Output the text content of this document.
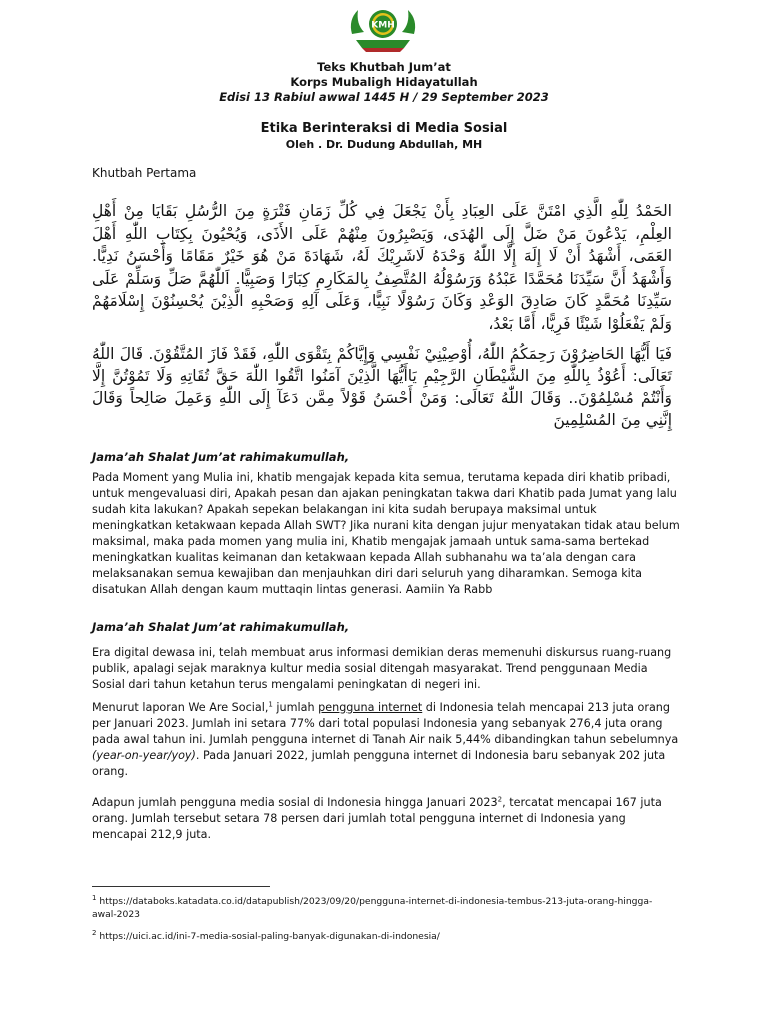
KMH
Teks Khutbah Jum’at
Korps Mubaligh Hidayatullah
Edisi 13 Rabiul awwal 1445 H / 29 September 2023
Etika Berinteraksi di Media Sosial
Oleh . Dr. Dudung Abdullah, MH
Khutbah Pertama
الحَمْدُ لِلّٰهِ الَّذِي امْتَنَّ عَلَى العِبَادِ بِأَنْ يَجْعَلَ فِي كُلِّ زَمَانِ فَتْرَةٍ مِنَ الرُّسُلِ بَقَايَا مِنْ أَهْلِ العِلْمِ، يَدْعُونَ مَنْ ضَلَّ إِلَى الهُدَى، وَيَصْبِرُونَ مِنْهُمْ عَلَى الأَذَى، وَيُحْيُونَ بِكِتَابِ اللّٰهِ أَهْلَ العَمَى، أَشْهَدُ أَنْ لَا إِلَهَ إِلَّا اللّٰهُ وَحْدَهُ لَاشَرِيْكَ لَهُ، شَهَادَةَ مَنْ هُوَ خَيْرٌ مَقَامًا وَأَحْسَنُ نَدِيًّا. وَأَشْهَدُ أَنَّ سَيِّدَنَا مُحَمَّدًا عَبْدُهُ وَرَسُوْلُهُ المُتَّصِفُ بِالمَكَارِمِ كِبَارًا وَصَبِيًّا. اَللّٰهُمَّ صَلِّ وَسَلِّمْ عَلَى سَيِّدِنَا مُحَمَّدٍ كَانَ صَادِقَ الوَعْدِ وَكَانَ رَسُوْلًا نَبِيًّا، وَعَلَى آلِهِ وَصَحْبِهِ الَّذِيْنَ يُحْسِنُوْنَ إِسْلَامَهُمْ وَلَمْ يَفْعَلُوْا شَيْئًا فَرِيًّا، أَمَّا بَعْدُ،
فَيَا أَيُّهَا الحَاضِرُوْنَ رَحِمَكُمُ اللّٰهُ، أُوْصِيْنِيْ نَفْسِي وَإِيَّاكُمْ بِتَقْوَى اللّٰهِ، فَقَدْ فَازَ المُتَّقُوْنَ. قَالَ اللّٰهُ تَعَالَى: أَعُوْذُ بِاللّٰهِ مِنَ الشَّيْطَانِ الرَّجِيْمِ يَاأَيُّهَا الَّذِيْنَ آمَنُوا اتَّقُوا اللّٰهَ حَقَّ تُقَاتِهِ وَلَا تَمُوْتُنَّ إِلَّا وَأَنْتُمْ مُسْلِمُوْنَ.. وَقَالَ اللّٰهُ تَعَالَى: وَمَنْ أَحْسَنُ قَوْلاً مِمَّن دَعَآ إِلَى اللّٰهِ وَعَمِلَ صَالِحاً وَقَالَ إِنَّنِي مِنَ المُسْلِمِينَ
Jama’ah Shalat Jum’at rahimakumullah,

Pada Moment yang Mulia ini, khatib mengajak kepada kita semua, terutama kepada diri khatib pribadi, untuk mengevaluasi diri, Apakah pesan dan ajakan peningkatan takwa dari Khatib pada Jumat yang lalu sudah kita lakukan? Apakah sepekan belakangan ini kita sudah berupaya maksimal untuk meningkatkan ketakwaan kepada Allah SWT? Jika nurani kita dengan jujur menyatakan tidak atau belum maksimal, maka pada momen yang mulia ini, Khatib mengajak jamaah untuk sama-sama bertekad meningkatkan kualitas keimanan dan ketakwaan kepada Allah subhanahu wa ta’ala dengan cara melaksanakan semua kewajiban dan menjauhkan diri dari seluruh yang diharamkan. Semoga kita disatukan Allah dengan kaum muttaqin lintas generasi. Aamiin Ya Rabb

Jama’ah Shalat Jum’at rahimakumullah,

Era digital dewasa ini, telah membuat arus informasi demikian deras memenuhi diskursus ruang-ruang publik, apalagi sejak maraknya kultur media sosial ditengah masyarakat. Trend penggunaan Media Sosial dari tahun ketahun terus mengalami peningkatan di negeri ini.

Menurut laporan We Are Social,$^1$ jumlah pengguna internet di Indonesia telah mencapai 213 juta orang per Januari 2023. Jumlah ini setara 77% dari total populasi Indonesia yang sebanyak 276,4 juta orang pada awal tahun ini. Jumlah pengguna internet di Tanah Air naik 5,44% dibandingkan tahun sebelumnya (year-on-year/yoy). Pada Januari 2022, jumlah pengguna internet di Indonesia baru sebanyak 202 juta orang.

Adapun jumlah pengguna media sosial di Indonesia hingga Januari 2023$^2$, tercatat mencapai 167 juta orang. Jumlah tersebut setara 78 persen dari jumlah total pengguna internet di Indonesia yang mencapai 212,9 juta.

$^1$ https://databoks.katadata.co.id/datapublish/2023/09/20/pengguna-internet-di-indonesia-tembus-213-juta-orang-hingga-awal-2023

$^2$ https://uici.ac.id/ini-7-media-sosial-paling-banyak-digunakan-di-indonesia/
